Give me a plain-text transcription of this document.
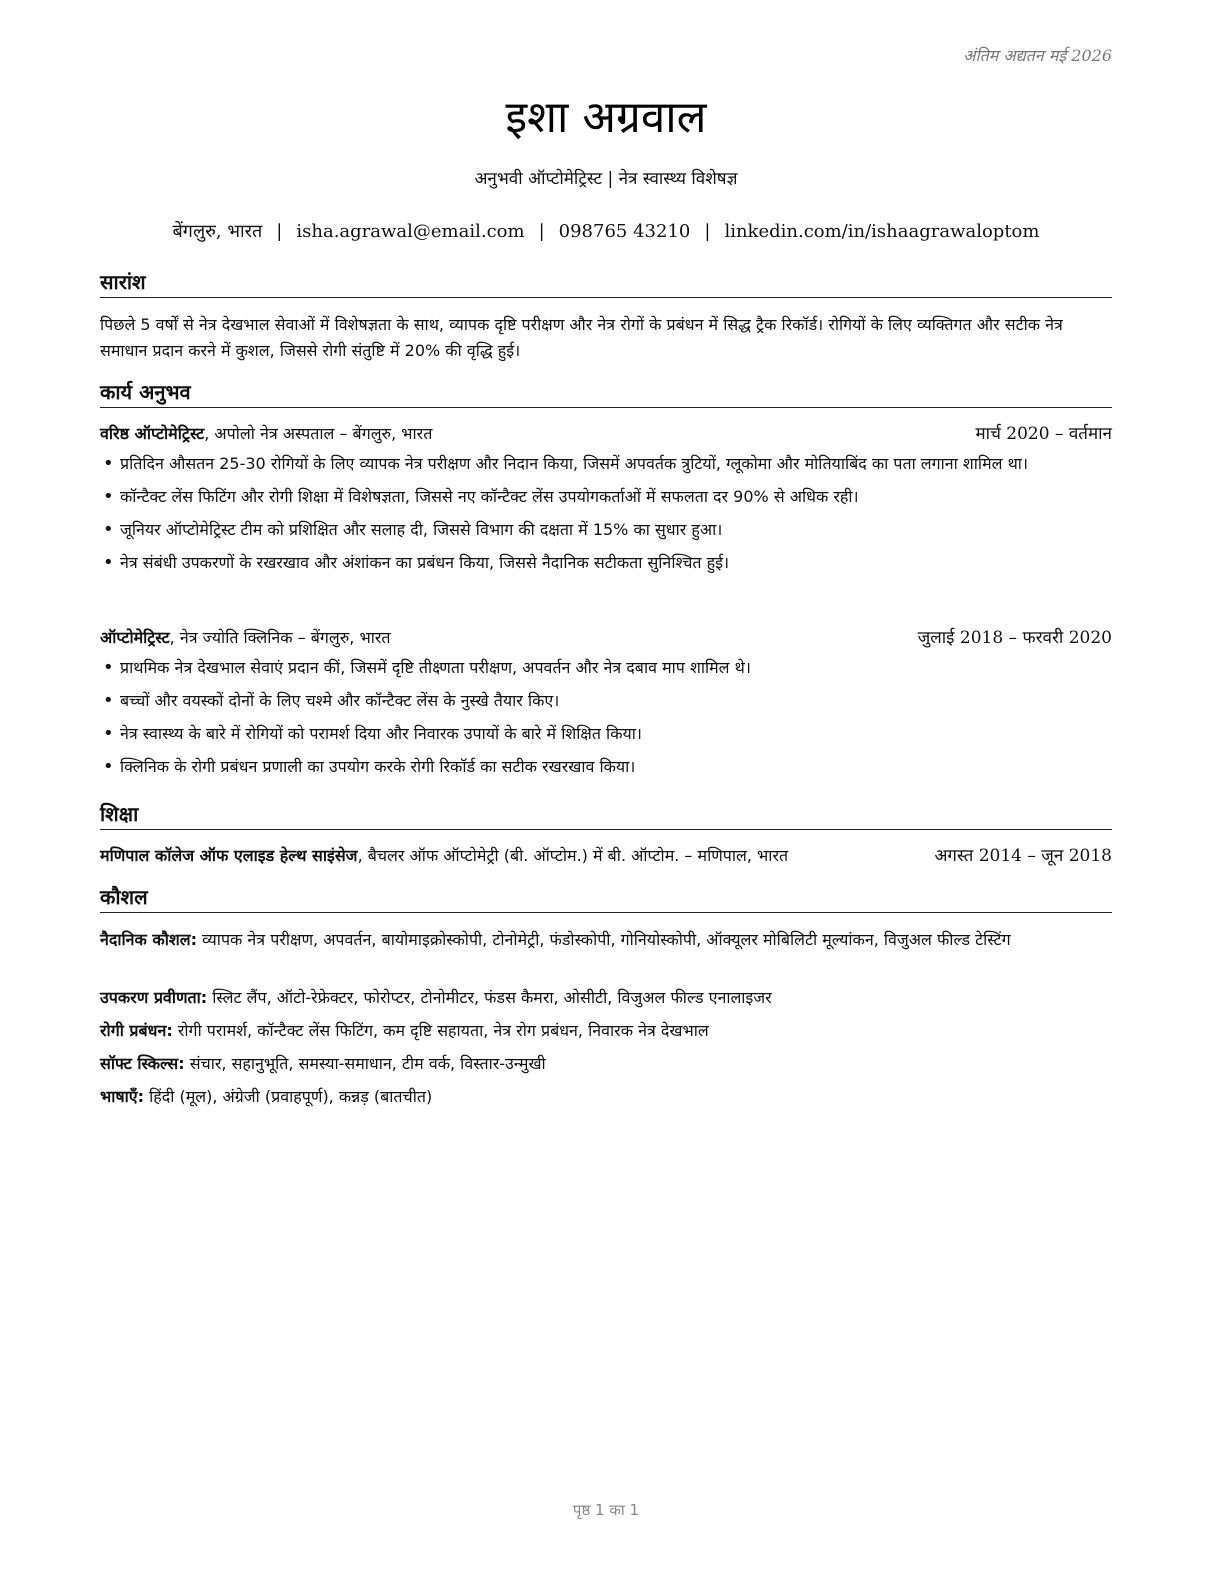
अंतिम अद्यतन मई 2026
इशा अग्रवाल
अनुभवी ऑप्टोमेट्रिस्ट | नेत्र स्वास्थ्य विशेषज्ञ
बेंगलुरु, भारत | isha.agrawal@email.com | 098765 43210 | linkedin.com/in/ishaagrawaloptom
सारांश
पिछले 5 वर्षों से नेत्र देखभाल सेवाओं में विशेषज्ञता के साथ, व्यापक दृष्टि परीक्षण और नेत्र रोगों के प्रबंधन में सिद्ध ट्रैक रिकॉर्ड। रोगियों के लिए व्यक्तिगत और सटीक नेत्र समाधान प्रदान करने में कुशल, जिससे रोगी संतुष्टि में 20% की वृद्धि हुई।
कार्य अनुभव
वरिष्ठ ऑप्टोमेट्रिस्ट, अपोलो नेत्र अस्पताल – बेंगलुरु, भारत	मार्च 2020 – वर्तमान
• प्रतिदिन औसतन 25-30 रोगियों के लिए व्यापक नेत्र परीक्षण और निदान किया, जिसमें अपवर्तक त्रुटियों, ग्लूकोमा और मोतियाबिंद का पता लगाना शामिल था।
• कॉन्टैक्ट लेंस फिटिंग और रोगी शिक्षा में विशेषज्ञता, जिससे नए कॉन्टैक्ट लेंस उपयोगकर्ताओं में सफलता दर 90% से अधिक रही।
• जूनियर ऑप्टोमेट्रिस्ट टीम को प्रशिक्षित और सलाह दी, जिससे विभाग की दक्षता में 15% का सुधार हुआ।
• नेत्र संबंधी उपकरणों के रखरखाव और अंशांकन का प्रबंधन किया, जिससे नैदानिक सटीकता सुनिश्चित हुई।
ऑप्टोमेट्रिस्ट, नेत्र ज्योति क्लिनिक – बेंगलुरु, भारत	जुलाई 2018 – फरवरी 2020
• प्राथमिक नेत्र देखभाल सेवाएं प्रदान कीं, जिसमें दृष्टि तीक्ष्णता परीक्षण, अपवर्तन और नेत्र दबाव माप शामिल थे।
• बच्चों और वयस्कों दोनों के लिए चश्मे और कॉन्टैक्ट लेंस के नुस्खे तैयार किए।
• नेत्र स्वास्थ्य के बारे में रोगियों को परामर्श दिया और निवारक उपायों के बारे में शिक्षित किया।
• क्लिनिक के रोगी प्रबंधन प्रणाली का उपयोग करके रोगी रिकॉर्ड का सटीक रखरखाव किया।
शिक्षा
मणिपाल कॉलेज ऑफ एलाइड हेल्थ साइंसेज, बैचलर ऑफ ऑप्टोमेट्री (बी. ऑप्टोम.) में बी. ऑप्टोम. – मणिपाल, भारत	अगस्त 2014 – जून 2018
कौशल
नैदानिक कौशल: व्यापक नेत्र परीक्षण, अपवर्तन, बायोमाइक्रोस्कोपी, टोनोमेट्री, फंडोस्कोपी, गोनियोस्कोपी, ऑक्यूलर मोबिलिटी मूल्यांकन, विजुअल फील्ड टेस्टिंग
उपकरण प्रवीणता: स्लिट लैंप, ऑटो-रेफ्रेक्टर, फोरोप्टर, टोनोमीटर, फंडस कैमरा, ओसीटी, विजुअल फील्ड एनालाइजर
रोगी प्रबंधन: रोगी परामर्श, कॉन्टैक्ट लेंस फिटिंग, कम दृष्टि सहायता, नेत्र रोग प्रबंधन, निवारक नेत्र देखभाल
सॉफ्ट स्किल्स: संचार, सहानुभूति, समस्या-समाधान, टीम वर्क, विस्तार-उन्मुखी
भाषाएँ: हिंदी (मूल), अंग्रेजी (प्रवाहपूर्ण), कन्नड़ (बातचीत)
पृष्ठ 1 का 1
